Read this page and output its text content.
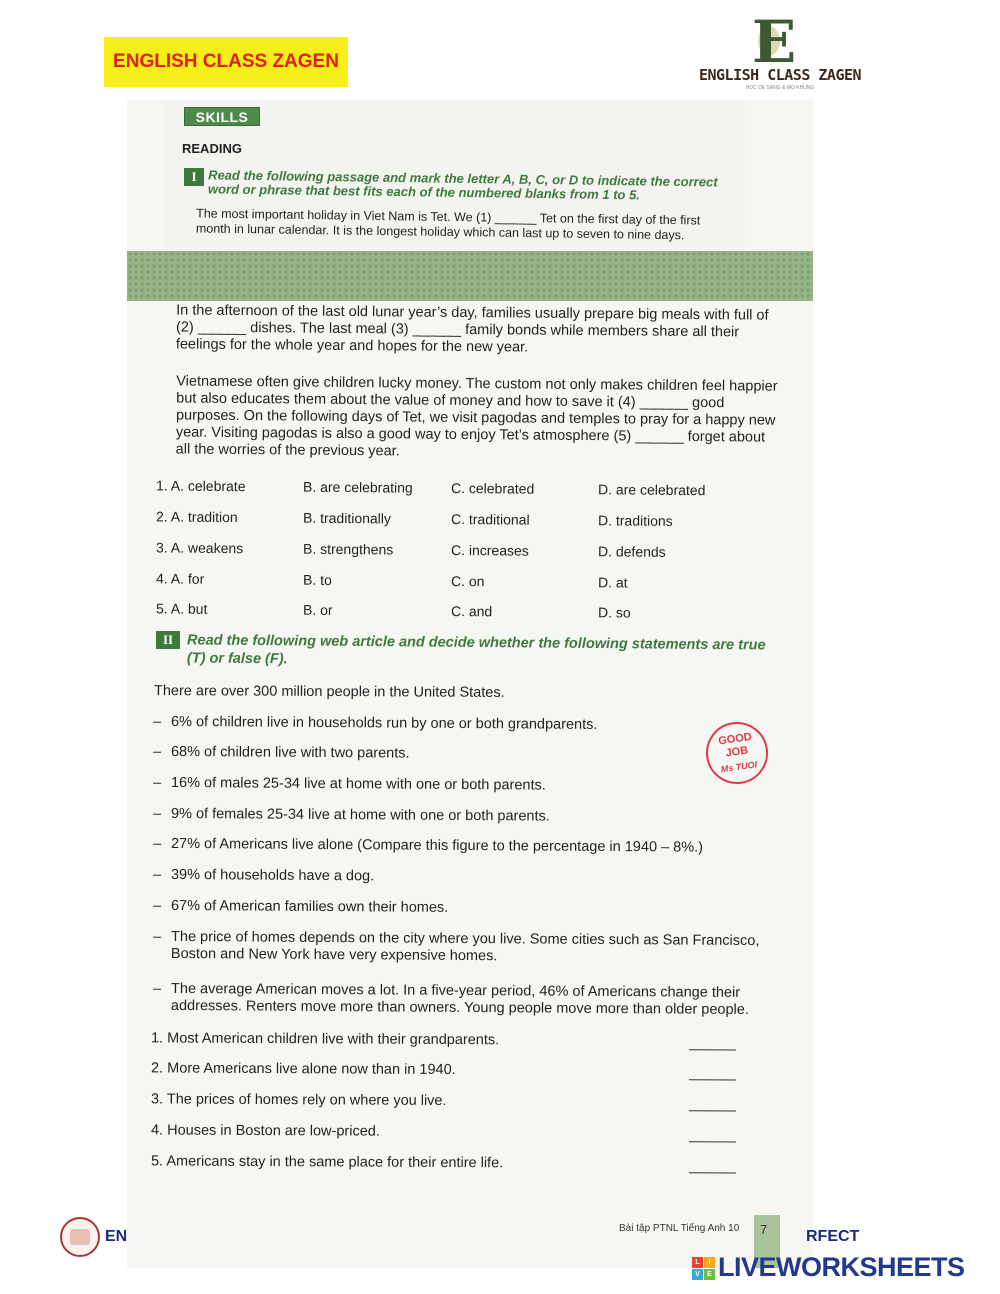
ENGLISH CLASS ZAGEN	E
ENGLISH CLASS ZAGEN
HOC DE SANG & MO KHUNG
SKILLS
READING
I Read the following passage and mark the letter A, B, C, or D to indicate the correct word or phrase that best fits each of the numbered blanks from 1 to 5.
The most important holiday in Viet Nam is Tet. We (1) ______ Tet on the first day of the first month in lunar calendar. It is the longest holiday which can last up to seven to nine days.
In the afternoon of the last old lunar year’s day, families usually prepare big meals with full of (2) ______ dishes. The last meal (3) ______ family bonds while members share all their feelings for the whole year and hopes for the new year.
Vietnamese often give children lucky money. The custom not only makes children feel happier but also educates them about the value of money and how to save it (4) ______ good purposes. On the following days of Tet, we visit pagodas and temples to pray for a happy new year. Visiting pagodas is also a good way to enjoy Tet’s atmosphere (5) ______ forget about all the worries of the previous year.
1. A. celebrate	B. are celebrating	C. celebrated	D. are celebrated
2. A. tradition	B. traditionally	C. traditional	D. traditions
3. A. weakens	B. strengthens	C. increases	D. defends
4. A. for	B. to	C. on	D. at
5. A. but	B. or	C. and	D. so
II Read the following web article and decide whether the following statements are true (T) or false (F).
There are over 300 million people in the United States.
– 6% of children live in households run by one or both grandparents.
– 68% of children live with two parents.
– 16% of males 25-34 live at home with one or both parents.
– 9% of females 25-34 live at home with one or both parents.
– 27% of Americans live alone (Compare this figure to the percentage in 1940 – 8%.)
– 39% of households have a dog.
– 67% of American families own their homes.
– The price of homes depends on the city where you live. Some cities such as San Francisco, Boston and New York have very expensive homes.
– The average American moves a lot. In a five-year period, 46% of Americans change their addresses. Renters move more than owners. Young people move more than older people.
1. Most American children live with their grandparents.
2. More Americans live alone now than in 1940.
3. The prices of homes rely on where you live.
4. Houses in Boston are low-priced.
5. Americans stay in the same place for their entire life.
GOOD
JOB
Ms TUOI
Bài tập PTNL Tiếng Anh 10 7
EN	RFECT
L	I
V	E LIVEWORKSHEETS
